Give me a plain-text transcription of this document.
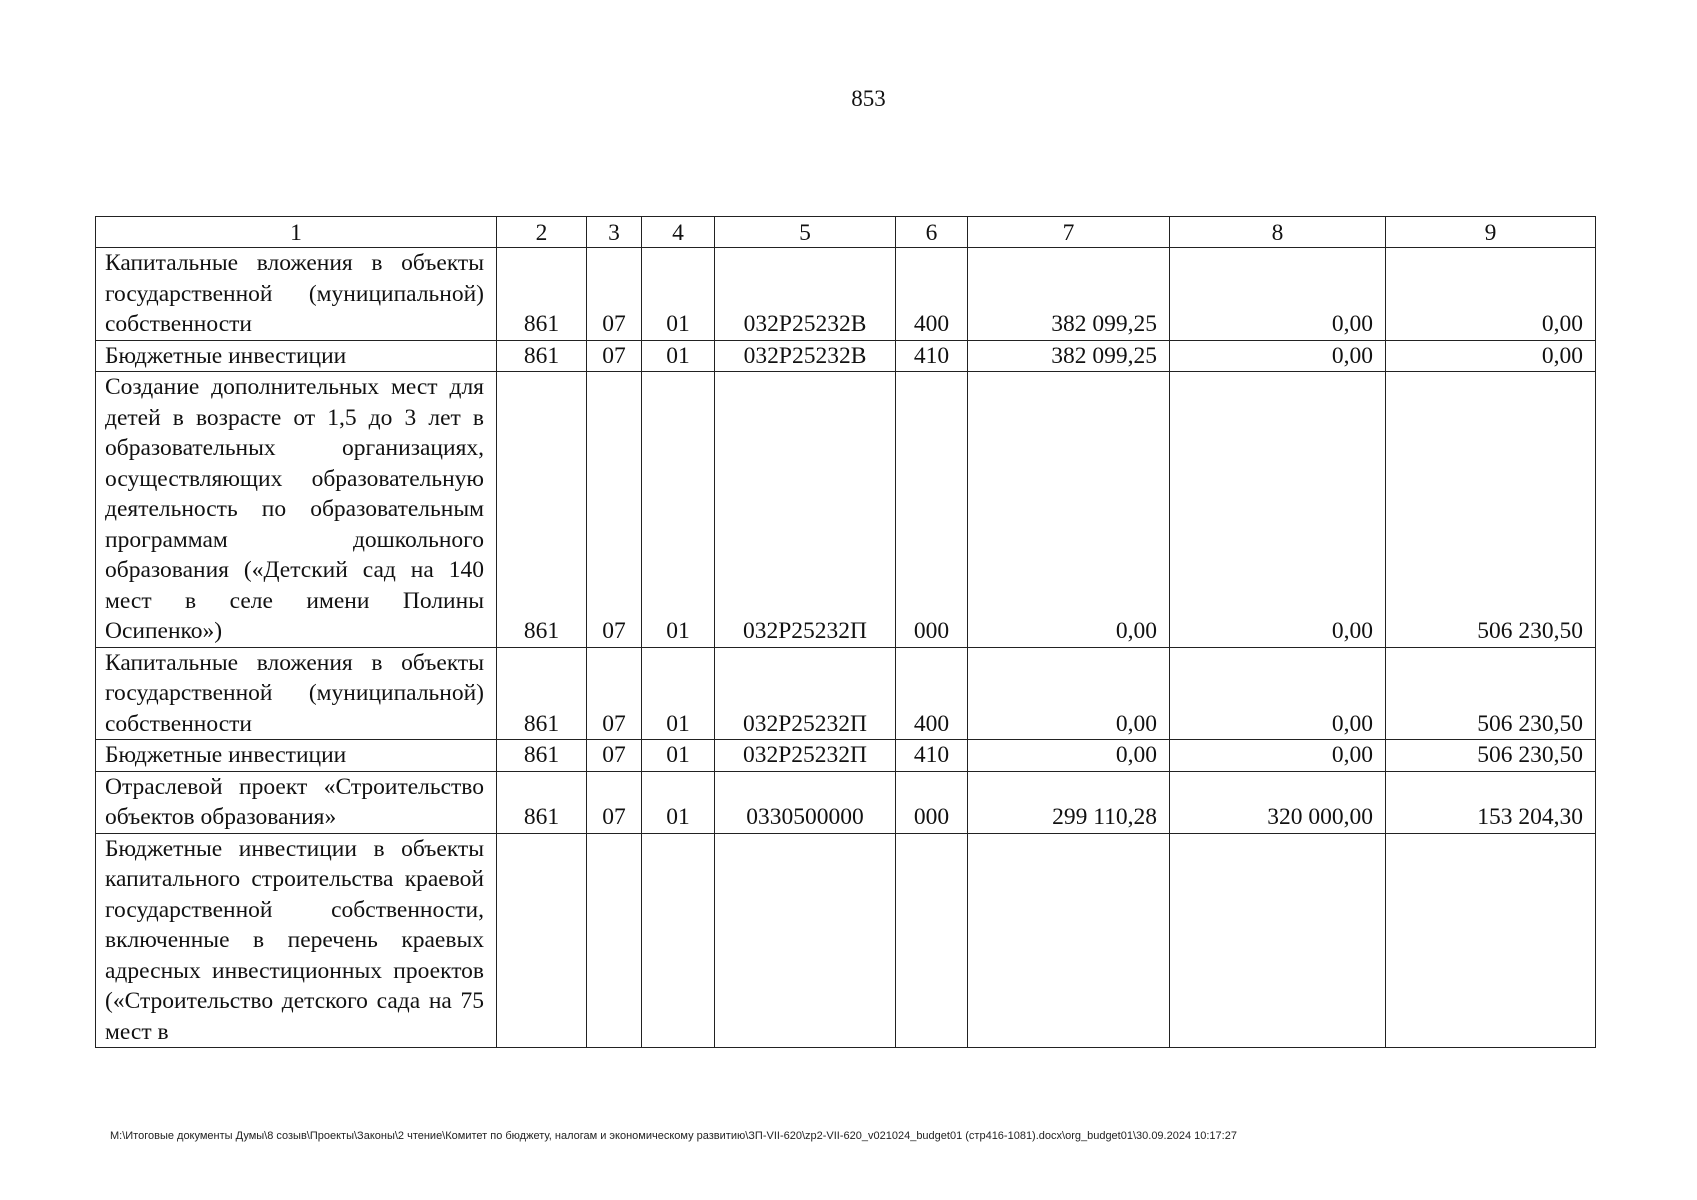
853
1	2	3	4	5	6	7	8	9
Капитальные вложения в объекты государственной (муниципальной) собственности	861	07	01	032Р25232В	400	382 099,25	0,00	0,00
Бюджетные инвестиции	861	07	01	032Р25232В	410	382 099,25	0,00	0,00
Создание дополнительных мест для детей в возрасте от 1,5 до 3 лет в образовательных организациях, осуществляющих образовательную деятельность по образовательным программам дошкольного образования («Детский сад на 140 мест в селе имени Полины Осипенко»)	861	07	01	032Р25232П	000	0,00	0,00	506 230,50
Капитальные вложения в объекты государственной (муниципальной) собственности	861	07	01	032Р25232П	400	0,00	0,00	506 230,50
Бюджетные инвестиции	861	07	01	032Р25232П	410	0,00	0,00	506 230,50
Отраслевой проект «Строительство объектов образования»	861	07	01	0330500000	000	299 110,28	320 000,00	153 204,30
Бюджетные инвестиции в объекты капитального строительства краевой государственной собственности, включенные в перечень краевых адресных инвестиционных проектов («Строительство детского сада на 75 мест в								
M:\Итоговые документы Думы\8 созыв\Проекты\Законы\2 чтение\Комитет по бюджету, налогам и экономическому развитию\ЗП-VII-620\zp2-VII-620_v021024_budget01 (стр416-1081).docx\org_budget01\30.09.2024 10:17:27
